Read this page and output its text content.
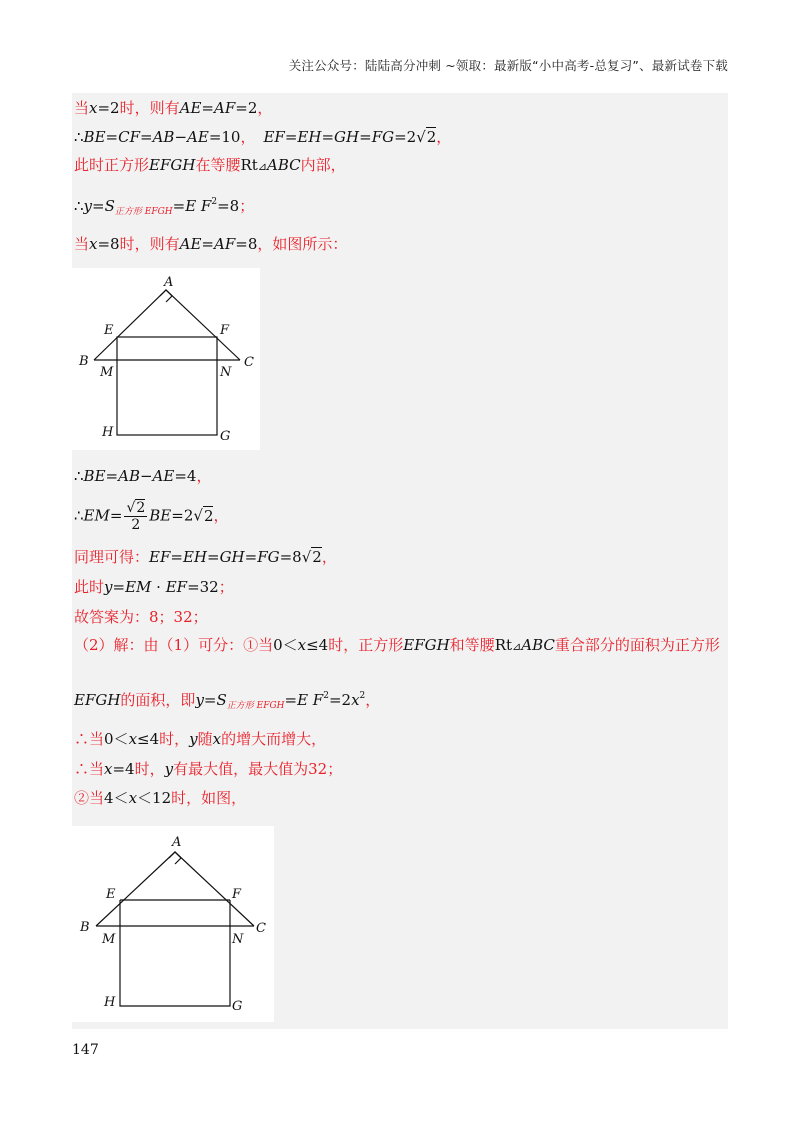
关注公众号：陆陆高分冲刺 ~领取：最新版“小中高考-总复习”、最新试卷下载
当x=2时，则有AE=AF=2，
∴BE=CF=AB−AE=10， EF=EH=GH=FG=2√2，
此时正方形EFGH在等腰Rt⊿ABC内部，
$\therefore y=S_{正方形 EFGH}=E$ $F^2=8$；
当x=8时，则有AE=AF=8，如图所示：
A
E	F
B	C
M	N
H	G
∴BE=AB−AE=4，
∴EM= $\frac{√2}{2} BE=2√2$，
同理可得：EF=EH=GH=FG=8√2，
此时y=EM · EF=32；
故答案为：8；32；
（2）解：由（1）可分：①当0＜x≤4时，正方形EFGH和等腰Rt⊿ABC重合部分的面积为正方形
EFGH的面积，即$y=S_{正方形 EFGH}=E$ $F^2=2x^2$，
∴当0＜x≤4时，y随x的增大而增大，
∴当x=4时，y有最大值，最大值为32；
②当4＜x＜12时，如图，
A
E	F
B	C
M	N
H	G
147
